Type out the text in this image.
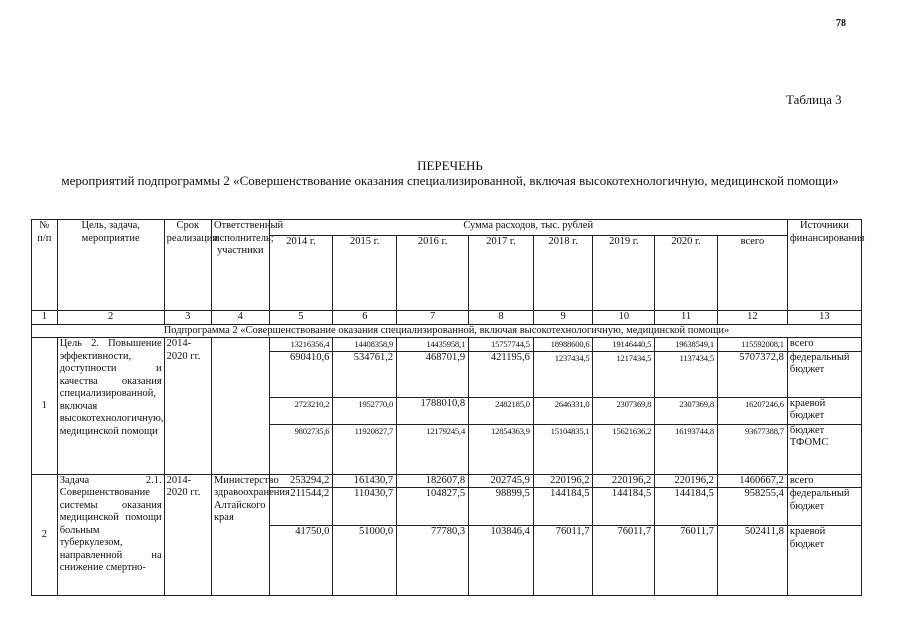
78
Таблица 3
ПЕРЕЧЕНЬ
мероприятий подпрограммы 2 «Совершенствование оказания специализированной, включая высокотехнологичную, медицинской помощи»
№ п/п	Цель, задача, мероприятие	Срок реализации	Ответственный исполнитель; участники	Сумма расходов, тыс. рублей								Источники финансирования
				2014 г.	2015 г.	2016 г.	2017 г.	2018 г.	2019 г.	2020 г.	всего	
1	2	3	4	5	6	7	8	9	10	11	12	13
Подпрограмма 2 «Совершенствование оказания специализированной, включая высокотехнологичную, медицинской помощи»												
1	Цель 2. Повышение эффективности, доступности и качества оказания специализированной, включая высокотехнологичную, медицинской помощи	2014-2020 гг.		13216356,4	14408358,9	14435958,1	15757744,5	18988600,6	19146440,5	19638549,1	115592008,1	всего
				690410,6	534761,2	468701,9	421195,6	1237434,5	1217434,5	1137434,5	5707372,8	федеральный бюджет
				2723210,2	1952770,0	1788010,8	2482185,0	2646331,0	2307369,8	2307369,8	16207246,6	краевой бюджет
				9802735,6	11920827,7	12179245,4	12854363,9	15104835,1	15621636,2	16193744,8	93677388,7	бюджет ТФОМС
2	Задача 2.1. Совершенствование системы оказания медицинской помощи больным туберкулезом, направленной на снижение смертно-	2014-2020 гг.	Министерство здравоохранения Алтайского края	253294,2	161430,7	182607,8	202745,9	220196,2	220196,2	220196,2	1460667,2	всего
				211544,2	110430,7	104827,5	98899,5	144184,5	144184,5	144184,5	958255,4	федеральный бюджет
				41750,0	51000,0	77780,3	103846,4	76011,7	76011,7	76011,7	502411,8	краевой бюджет
